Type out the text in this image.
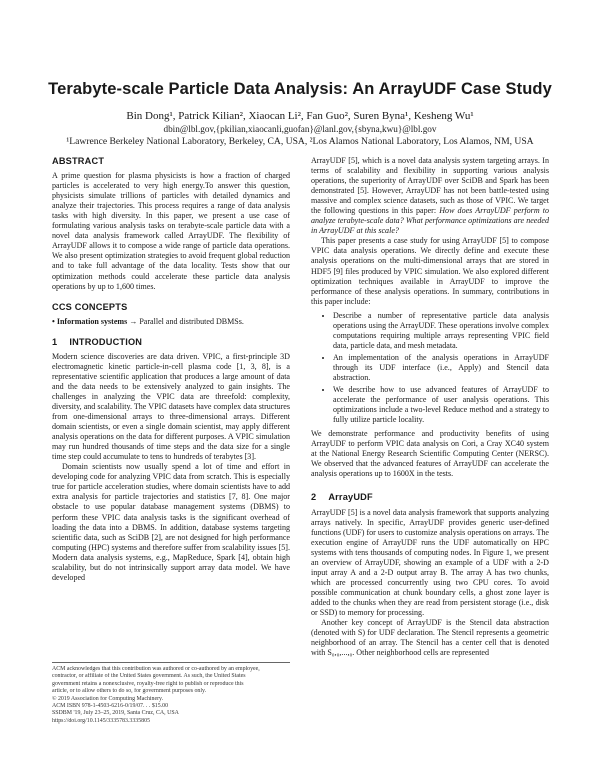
Terabyte-scale Particle Data Analysis: An ArrayUDF Case Study
Bin Dong¹, Patrick Kilian², Xiaocan Li², Fan Guo², Suren Byna¹, Kesheng Wu¹
dbin@lbl.gov,{pkilian,xiaocanli,guofan}@lanl.gov,{sbyna,kwu}@lbl.gov
¹Lawrence Berkeley National Laboratory, Berkeley, CA, USA, ²Los Alamos National Laboratory, Los Alamos, NM, USA
ABSTRACT

A prime question for plasma physicists is how a fraction of charged particles is accelerated to very high energy.To answer this question, physicists simulate trillions of particles with detailed dynamics and analyze their trajectories. This process requires a range of data analysis tasks with high diversity. In this paper, we present a use case of formulating various analysis tasks on terabyte-scale particle data with a novel data analysis framework called ArrayUDF. The flexibility of ArrayUDF allows it to compose a wide range of particle data operations. We also present optimization strategies to avoid frequent global reduction and to take full advantage of the data locality. Tests show that our optimization methods could accelerate these particle data analysis operations by up to 1,600 times.

CCS CONCEPTS

• Information systems → Parallel and distributed DBMSs.

1 INTRODUCTION

Modern science discoveries are data driven. VPIC, a first-principle 3D electromagnetic kinetic particle-in-cell plasma code [1, 3, 8], is a representative scientific application that produces a large amount of data and the data needs to be extensively analyzed to gain insights. The challenges in analyzing the VPIC data are threefold: complexity, diversity, and scalability. The VPIC datasets have complex data structures from one-dimensional arrays to three-dimensional arrays. Different domain scientists, or even a single domain scientist, may apply different analysis operations on the data for different purposes. A VPIC simulation may run hundred thousands of time steps and the data size for a single time step could accumulate to tens to hundreds of terabytes [3].

Domain scientists now usually spend a lot of time and effort in developing code for analyzing VPIC data from scratch. This is especially true for particle acceleration studies, where domain scientists have to add extra analysis for particle trajectories and statistics [7, 8]. One major obstacle to use popular database management systems (DBMS) to perform these VPIC data analysis tasks is the significant overhead of loading the data into a DBMS. In addition, database systems targeting scientific data, such as SciDB [2], are not designed for high performance computing (HPC) systems and therefore suffer from scalability issues [5]. Modern data analysis systems, e.g., MapReduce, Spark [4], obtain high scalability, but do not intrinsically support array data model. We have developed

ACM acknowledges that this contribution was authored or co-authored by an employee,
contractor, or affiliate of the United States government. As such, the United States
government retains a nonexclusive, royalty-free right to publish or reproduce this
article, or to allow others to do so, for government purposes only.
© 2019 Association for Computing Machinery.
ACM ISBN 978-1-4503-6216-0/19/07. . . $15.00
SSDBM '19, July 23–25, 2019, Santa Cruz, CA, USA
https://doi.org/10.1145/3335783.3335805

ArrayUDF [5], which is a novel data analysis system targeting arrays. In terms of scalability and flexibility in supporting various analysis operations, the superiority of ArrayUDF over SciDB and Spark has been demonstrated [5]. However, ArrayUDF has not been battle-tested using massive and complex science datasets, such as those of VPIC. We target the following questions in this paper: How does ArrayUDF perform to analyze terabyte-scale data? What performance optimizations are needed in ArrayUDF at this scale?

This paper presents a case study for using ArrayUDF [5] to compose VPIC data analysis operations. We directly define and execute these analysis operations on the multi-dimensional arrays that are stored in HDF5 [9] files produced by VPIC simulation. We also explored different optimization techniques available in ArrayUDF to improve the performance of these analysis operations. In summary, contributions in this paper include:

• Describe a number of representative particle data analysis operations using the ArrayUDF. These operations involve complex computations requiring multiple arrays representing VPIC field data, particle data, and mesh metadata.
• An implementation of the analysis operations in ArrayUDF through its UDF interface (i.e., Apply) and Stencil data abstraction.
• We describe how to use advanced features of ArrayUDF to accelerate the performance of user analysis operations. This optimizations include a two-level Reduce method and a strategy to fully utilize particle locality.

We demonstrate performance and productivity benefits of using ArrayUDF to perform VPIC data analysis on Cori, a Cray XC40 system at the National Energy Research Scientific Computing Center (NERSC). We observed that the advanced features of ArrayUDF can accelerate the analysis operations up to 1600X in the tests.

2 ArrayUDF

ArrayUDF [5] is a novel data analysis framework that supports analyzing arrays natively. In specific, ArrayUDF provides generic user-defined functions (UDF) for users to customize analysis operations on arrays. The execution engine of ArrayUDF runs the UDF automatically on HPC systems with tens thousands of computing nodes. In Figure 1, we present an overview of ArrayUDF, showing an example of a UDF with a 2-D input array A and a 2-D output array B. The array A has two chunks, which are processed concurrently using two CPU cores. To avoid possible communication at chunk boundary cells, a ghost zone layer is added to the chunks when they are read from persistent storage (i.e., disk or SSD) to memory for processing.

Another key concept of ArrayUDF is the Stencil data abstraction (denoted with S) for UDF declaration. The Stencil represents a geometric neighborhood of an array. The Stencil has a center cell that is denoted with S₀,₀,...,₀. Other neighborhood cells are represented
